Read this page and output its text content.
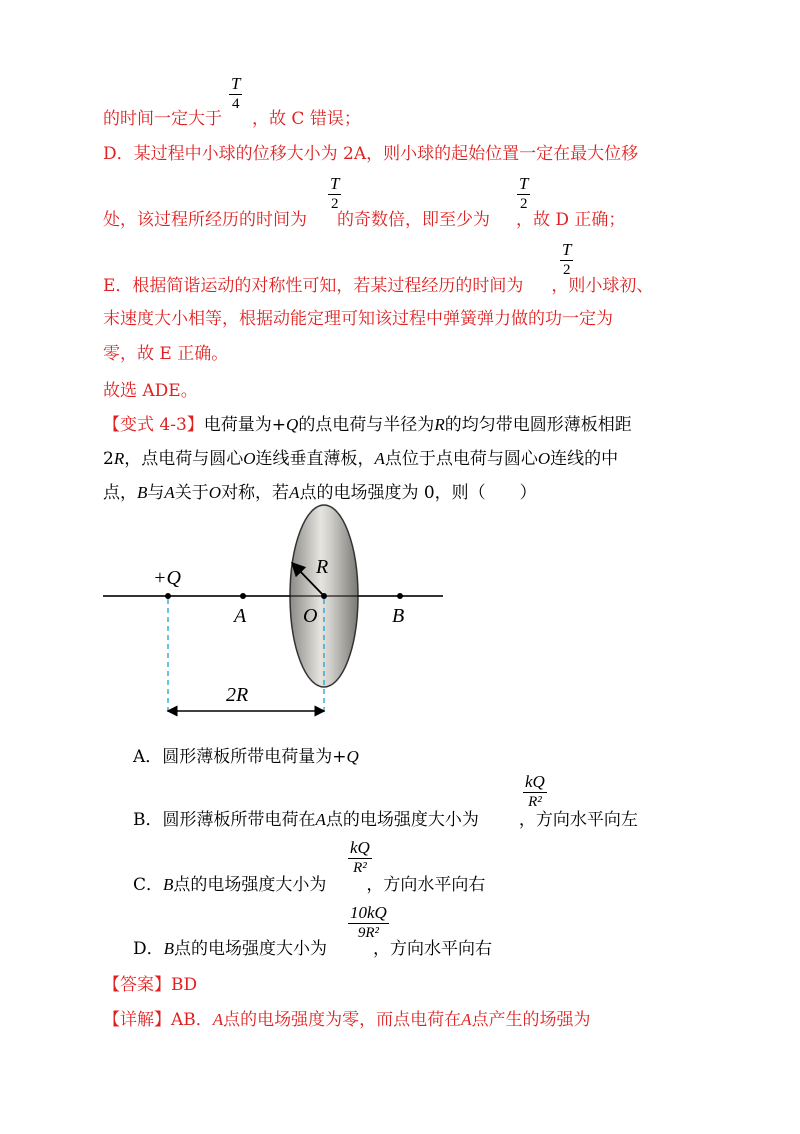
的时间一定大于 ，故 C 错误；
T
4
D．某过程中小球的位移大小为 2A，则小球的起始位置一定在最大位移
处，该过程所经历的时间为 的奇数倍，即至少为 ，故 D 正确；
T
2
T
2
E．根据简谐运动的对称性可知，若某过程经历的时间为 ，则小球初、
T
2
末速度大小相等，根据动能定理可知该过程中弹簧弹力做的功一定为
零，故 E 正确。
故选 ADE。
【变式 4-3】电荷量为+Q的点电荷与半径为R的均匀带电圆形薄板相距
2R，点电荷与圆心O连线垂直薄板，A点位于点电荷与圆心O连线的中
点，B与A关于O对称，若A点的电场强度为 0，则（　　）
+Q
A	O	B
R
2R
A．圆形薄板所带电荷量为+Q
B．圆形薄板所带电荷在A点的电场强度大小为 ，方向水平向左
kQ
R²
C．B点的电场强度大小为 ，方向水平向右
kQ
R²
D．B点的电场强度大小为	，方向水平向右
10kQ
9R²
【答案】BD
【详解】AB．A点的电场强度为零，而点电荷在A点产生的场强为
